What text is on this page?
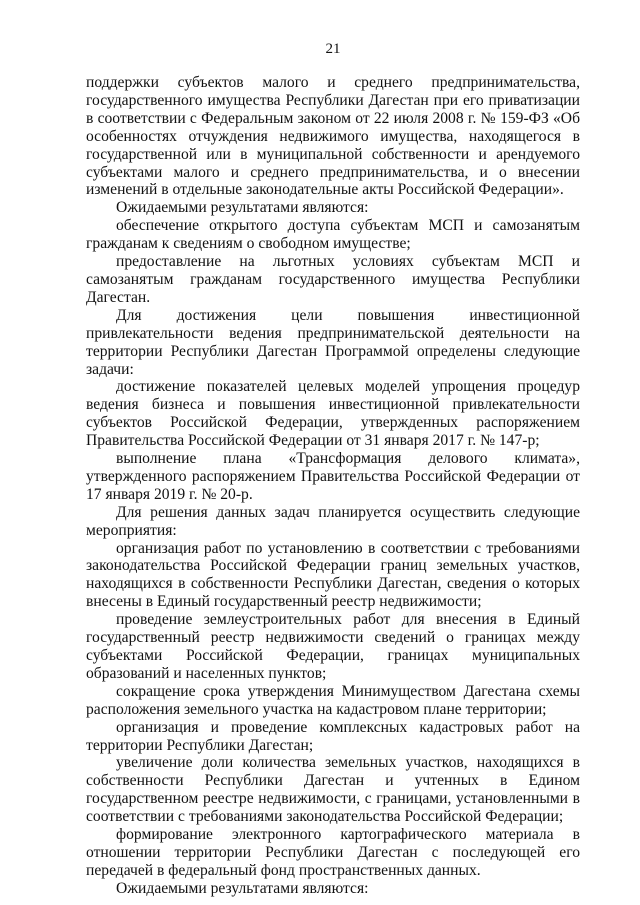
21

поддержки субъектов малого и среднего предпринимательства, государственного имущества Республики Дагестан при его приватизации в соответствии с Федеральным законом от 22 июля 2008 г. № 159-ФЗ «Об особенностях отчуждения недвижимого имущества, находящегося в государственной или в муниципальной собственности и арендуемого субъектами малого и среднего предпринимательства, и о внесении изменений в отдельные законодательные акты Российской Федерации».

Ожидаемыми результатами являются:

обеспечение открытого доступа субъектам МСП и самозанятым гражданам к сведениям о свободном имуществе;

предоставление на льготных условиях субъектам МСП и самозанятым гражданам государственного имущества Республики Дагестан.

Для достижения цели повышения инвестиционной привлекательности ведения предпринимательской деятельности на территории Республики Дагестан Программой определены следующие задачи:

достижение показателей целевых моделей упрощения процедур ведения бизнеса и повышения инвестиционной привлекательности субъектов Российской Федерации, утвержденных распоряжением Правительства Российской Федерации от 31 января 2017 г. № 147-р;

выполнение плана «Трансформация делового климата», утвержденного распоряжением Правительства Российской Федерации от 17 января 2019 г. № 20-р.

Для решения данных задач планируется осуществить следующие мероприятия:

организация работ по установлению в соответствии с требованиями законодательства Российской Федерации границ земельных участков, находящихся в собственности Республики Дагестан, сведения о которых внесены в Единый государственный реестр недвижимости;

проведение землеустроительных работ для внесения в Единый государственный реестр недвижимости сведений о границах между субъектами Российской Федерации, границах муниципальных образований и населенных пунктов;

сокращение срока утверждения Минимуществом Дагестана схемы расположения земельного участка на кадастровом плане территории;

организация и проведение комплексных кадастровых работ на территории Республики Дагестан;

увеличение доли количества земельных участков, находящихся в собственности Республики Дагестан и учтенных в Едином государственном реестре недвижимости, с границами, установленными в соответствии с требованиями законодательства Российской Федерации;

формирование электронного картографического материала в отношении территории Республики Дагестан с последующей его передачей в федеральный фонд пространственных данных.

Ожидаемыми результатами являются:
